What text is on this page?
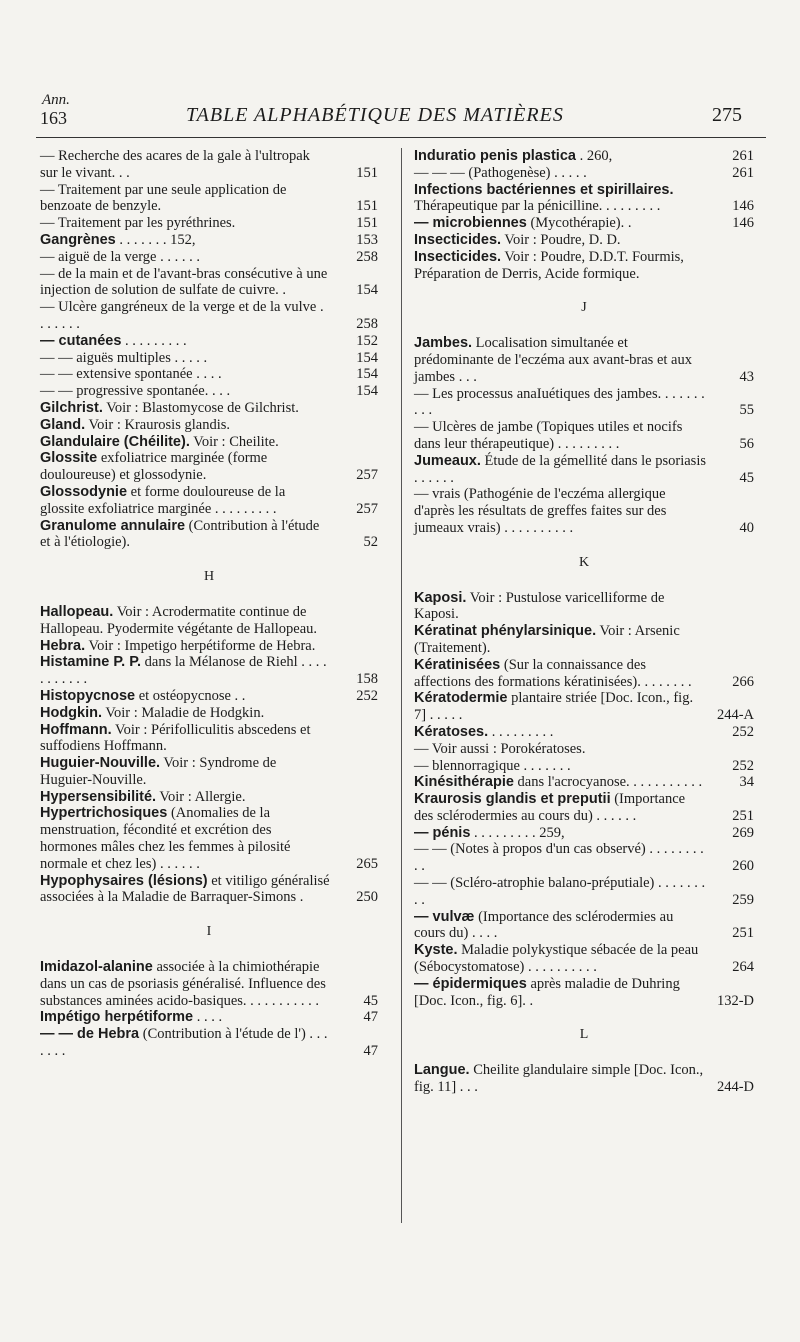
Ann.
163	TABLE ALPHABÉTIQUE DES MATIÈRES	275
— Recherche des acares de la gale à l'ultropak sur le vivant. . .	151
— Traitement par une seule application de benzoate de benzyle.	151
— Traitement par les pyréthrines.	151
Gangrènes . . . . . . . 152,	153
— aiguë de la verge . . . . . .	258
— de la main et de l'avant-bras consécutive à une injection de solution de sulfate de cuivre. .	154
— Ulcère gangréneux de la verge et de la vulve . . . . . . .	258
— cutanées . . . . . . . . .	152
— — aiguës multiples . . . . .	154
— — extensive spontanée . . . .	154
— — progressive spontanée. . . .	154
Gilchrist. Voir : Blastomycose de Gilchrist.
Gland. Voir : Kraurosis glandis.
Glandulaire (Chéilite). Voir : Cheilite.
Glossite exfoliatrice marginée (forme douloureuse) et glossodynie.	257
Glossodynie et forme douloureuse de la glossite exfoliatrice marginée . . . . . . . . .	257
Granulome annulaire (Contribution à l'étude et à l'étiologie).	52
H
Hallopeau. Voir : Acrodermatite continue de Hallopeau. Pyodermite végétante de Hallopeau.
Hebra. Voir : Impetigo herpétiforme de Hebra.
Histamine P. P. dans la Mélanose de Riehl . . . . . . . . . . .	158
Histopycnose et ostéopycnose . .	252
Hodgkin. Voir : Maladie de Hodgkin.
Hoffmann. Voir : Périfolliculitis abscedens et suffodiens Hoffmann.
Huguier-Nouville. Voir : Syndrome de Huguier-Nouville.
Hypersensibilité. Voir : Allergie.
Hypertrichosiques (Anomalies de la menstruation, fécondité et excrétion des hormones mâles chez les femmes à pilosité normale et chez les) . . . . . .	265
Hypophysaires (lésions) et vitiligo généralisé associées à la Maladie de Barraquer-Simons .	250
I
Imidazol-alanine associée à la chimiothérapie dans un cas de psoriasis généralisé. Influence des substances aminées acido-basiques. . . . . . . . . . .	45
Impétigo herpétiforme . . . .	47
— — de Hebra (Contribution à l'étude de l') . . . . . . .	47
Induratio penis plastica . 260,	261
— — — (Pathogenèse) . . . . .	261
Infections bactériennes et spirillaires. Thérapeutique par la pénicilline. . . . . . . . .	146
— microbiennes (Mycothérapie). .	146
Insecticides. Voir : Poudre, D. D.
Insecticides. Voir : Poudre, D.D.T. Fourmis, Préparation de Derris, Acide formique.
J
Jambes. Localisation simultanée et prédominante de l'eczéma aux avant-bras et aux jambes . . .	43
— Les processus anaIuétiques des jambes. . . . . . . . . .	55
— Ulcères de jambe (Topiques utiles et nocifs dans leur thérapeutique) . . . . . . . . .	56
Jumeaux. Étude de la gémellité dans le psoriasis . . . . . .	45
— vrais (Pathogénie de l'eczéma allergique d'après les résultats de greffes faites sur des jumeaux vrais) . . . . . . . . . .	40
K
Kaposi. Voir : Pustulose varicelliforme de Kaposi.
Kératinat phénylarsinique. Voir : Arsenic (Traitement).
Kératinisées (Sur la connaissance des affections des formations kératinisées). . . . . . . .	266
Kératodermie plantaire striée [Doc. Icon., fig. 7] . . . . .	244-A
Kératoses. . . . . . . . . .	252
— Voir aussi : Porokératoses.
— blennorragique . . . . . . .	252
Kinésithérapie dans l'acrocyanose. . . . . . . . . . .	34
Kraurosis glandis et preputii (Importance des sclérodermies au cours du) . . . . . .	251
— pénis . . . . . . . . . 259,	269
— — (Notes à propos d'un cas observé) . . . . . . . . . .	260
— — (Scléro-atrophie balano-préputiale) . . . . . . . . .	259
— vulvæ (Importance des sclérodermies au cours du) . . . .	251
Kyste. Maladie polykystique sébacée de la peau (Sébocystomatose) . . . . . . . . . .	264
— épidermiques après maladie de Duhring [Doc. Icon., fig. 6]. .	132-D
L
Langue. Cheilite glandulaire simple [Doc. Icon., fig. 11] . . .	244-D
